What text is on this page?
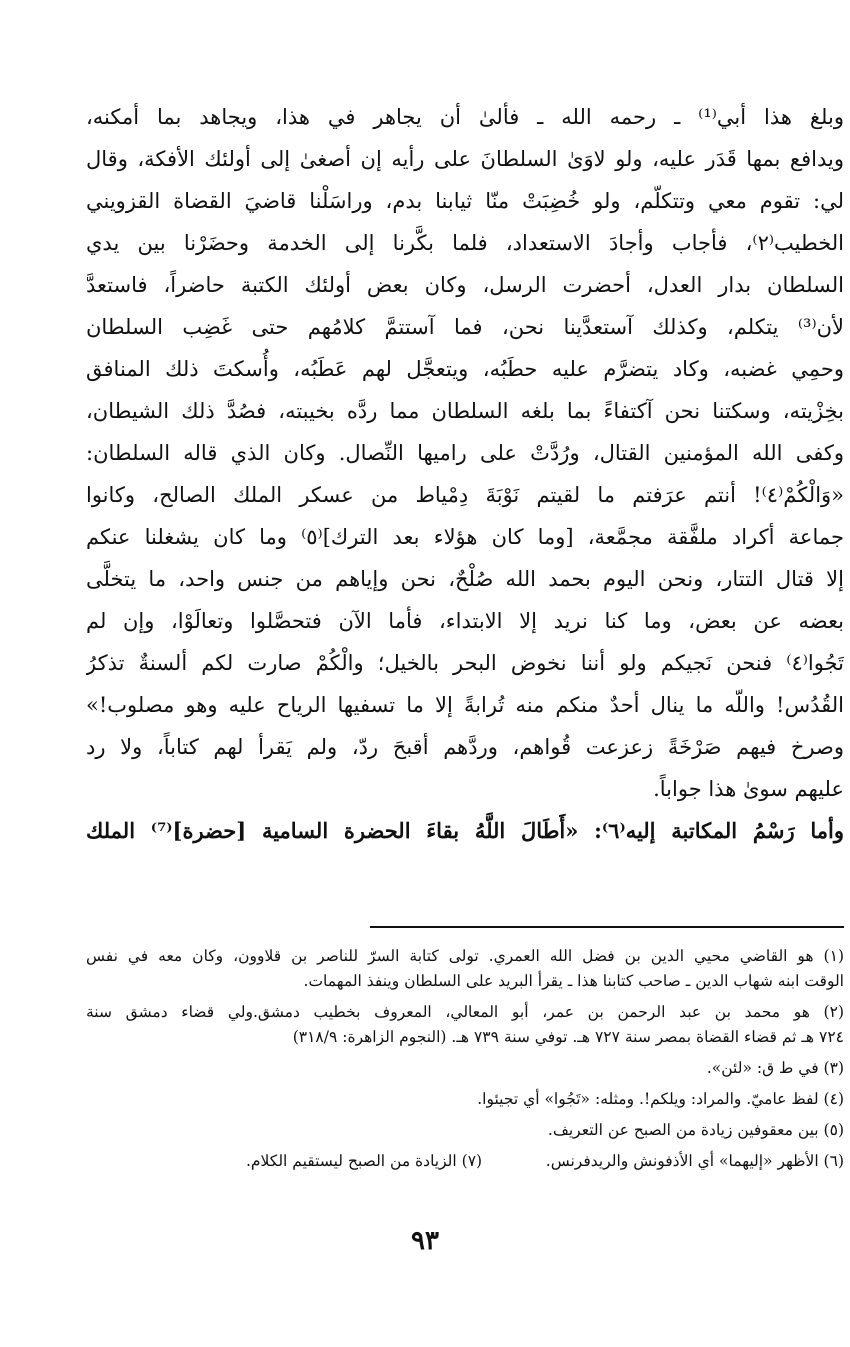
وبلغ هذا أبي⁽¹⁾ ـ رحمه الله ـ فألىٰ أن يجاهر في هذا، ويجاهد بما أمكنه،
ويدافع بمها قَدَر عليه، ولو لاوَىٰ السلطانَ على رأيه إن أصغىٰ إلى أولئك الأفكة، وقال
لي: تقوم معي وتتكلّم، ولو خُضِبَتْ منّا ثيابنا بدم، وراسَلْنا قاضيَ القضاة القزويني
الخطيب⁽٢⁾، فأجاب وأجادَ الاستعداد، فلما بكَّرنا إلى الخدمة وحضَرْنا بين يدي
السلطان بدار العدل، أحضرت الرسل، وكان بعض أولئك الكتبة حاضراً، فاستعدَّ
لأن⁽³⁾ يتكلم، وكذلك آستعدَّينا نحن، فما آستتمَّ كلامُهم حتى غَضِب السلطان
وحمِي غضبه، وكاد يتضرَّم عليه حطَبُه، ويتعجَّل لهم عَطَبُه، وأُسكتَ ذلك المنافق
بخِزْيته، وسكتنا نحن آكتفاءً بما بلغه السلطان مما ردَّه بخيبته، فصُدَّ ذلك الشيطان،
وكفى الله المؤمنين القتال، ورُدَّتْ على راميها النِّصال. وكان الذي قاله السلطان:
«وَالْكُمْ⁽٤⁾! أنتم عرَفتم ما لقيتم نَوْبَةَ دِمْياط من عسكر الملك الصالح، وكانوا
جماعة أكراد ملفَّقة مجمَّعة، [وما كان هؤلاء بعد الترك]⁽٥⁾ وما كان يشغلنا عنكم
إلا قتال التتار، ونحن اليوم بحمد الله صُلْحٌ، نحن وإياهم من جنس واحد، ما يتخلَّى
بعضه عن بعض، وما كنا نريد إلا الابتداء، فأما الآن فتحصَّلوا وتعالَوْا، وإن لم
تَجُوا⁽٤⁾ فنحن نَجيكم ولو أننا نخوض البحر بالخيل؛ والْكُمْ صارت لكم ألسنةٌ تذكرُ
القُدُس! واللّه ما ينال أحدٌ منكم منه تُرابةً إلا ما تسفيها الرياح عليه وهو مصلوب!»
وصرخ فيهم صَرْخَةً زعزعت قُواهم، وردَّهم أقبحَ ردّ، ولم يَقرأ لهم كتاباً، ولا رد
عليهم سوىٰ هذا جواباً.
وأما رَسْمُ المكاتبة إليه⁽٦⁾: «أَطَالَ اللَّهُ بقاءَ الحضرة السامية [حضرة]⁽⁷⁾ الملك
(١) هو القاضي محيي الدين بن فضل الله العمري. تولى كتابة السرّ للناصر بن قلاوون، وكان معه في نفس
الوقت ابنه شهاب الدين ـ صاحب كتابنا هذا ـ يقرأ البريد على السلطان وينفذ المهمات.
(٢) هو محمد بن عبد الرحمن بن عمر، أبو المعالي، المعروف بخطيب دمشق.ولي قضاء دمشق سنة
٧٢٤ هـ ثم قضاء القضاة بمصر سنة ٧٢٧ هـ. توفي سنة ٧٣٩ هـ. (النجوم الزاهرة: ٣١٨/٩)
(٣) في ط ق: «لئن».
(٤) لفظ عاميّ. والمراد: ويلكم!. ومثله: «تَجُوا» أي تجيئوا.
(٥) بين معقوفين زيادة من الصبح عن التعريف.
(٦) الأظهر «إليهما» أي الأذفونش والريدفرنس.
(٧) الزيادة من الصبح ليستقيم الكلام.
٩٣
